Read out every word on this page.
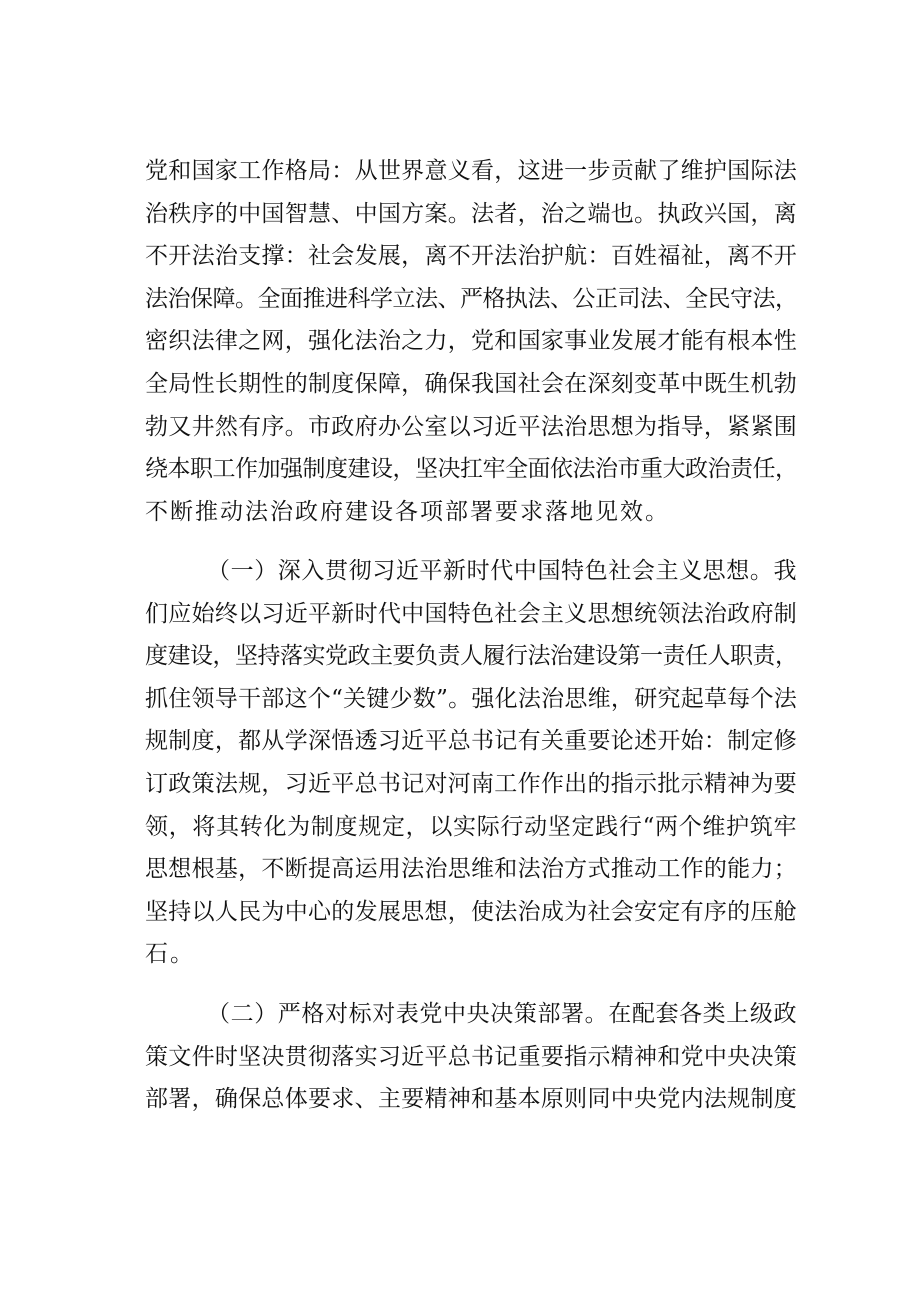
党和国家工作格局：从世界意义看，这进一步贡献了维护国际法
治秩序的中国智慧、中国方案。法者，治之端也。执政兴国，离
不开法治支撑：社会发展，离不开法治护航：百姓福祉，离不开
法治保障。全面推进科学立法、严格执法、公正司法、全民守法，
密织法律之网，强化法治之力，党和国家事业发展才能有根本性
全局性长期性的制度保障，确保我国社会在深刻变革中既生机勃
勃又井然有序。市政府办公室以习近平法治思想为指导，紧紧围
绕本职工作加强制度建设，坚决扛牢全面依法治市重大政治责任，
不断推动法治政府建设各项部署要求落地见效。
（一）深入贯彻习近平新时代中国特色社会主义思想。我
们应始终以习近平新时代中国特色社会主义思想统领法治政府制
度建设，坚持落实党政主要负责人履行法治建设第一责任人职责，
抓住领导干部这个“关键少数”。强化法治思维，研究起草每个法
规制度，都从学深悟透习近平总书记有关重要论述开始：制定修
订政策法规，习近平总书记对河南工作作出的指示批示精神为要
领，将其转化为制度规定，以实际行动坚定践行“两个维护筑牢
思想根基，不断提高运用法治思维和法治方式推动工作的能力；
坚持以人民为中心的发展思想，使法治成为社会安定有序的压舱
石。
（二）严格对标对表党中央决策部署。在配套各类上级政
策文件时坚决贯彻落实习近平总书记重要指示精神和党中央决策
部署，确保总体要求、主要精神和基本原则同中央党内法规制度
